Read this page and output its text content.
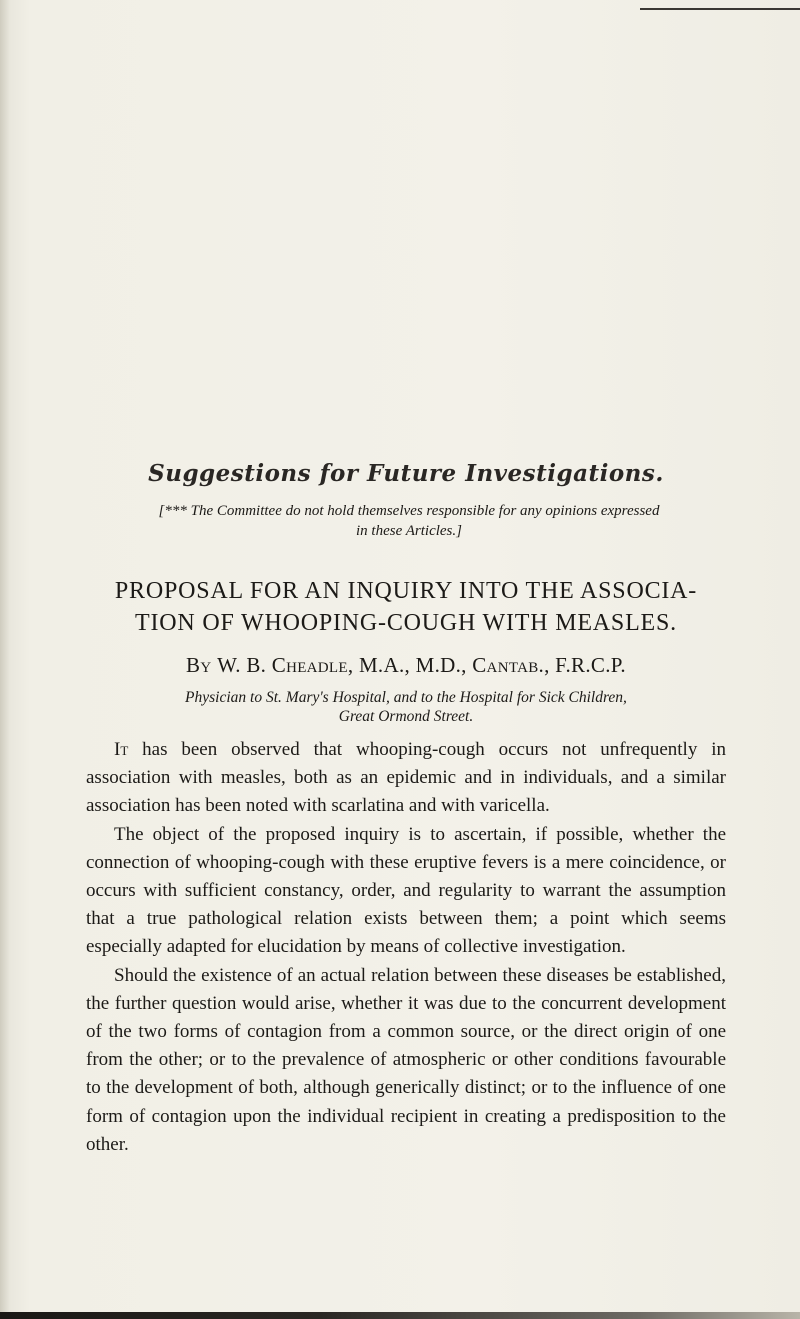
Suggestions for Future Investigations.
[*** The Committee do not hold themselves responsible for any opinions expressed
in these Articles.]
PROPOSAL FOR AN INQUIRY INTO THE ASSOCIA-
TION OF WHOOPING-COUGH WITH MEASLES.
By W. B. Cheadle, M.A., M.D., Cantab., F.R.C.P.
Physician to St. Mary's Hospital, and to the Hospital for Sick Children,
Great Ormond Street.

It has been observed that whooping-cough occurs not unfrequently in association with measles, both as an epidemic and in individuals, and a similar association has been noted with scarlatina and with varicella.

The object of the proposed inquiry is to ascertain, if possible, whether the connection of whooping-cough with these eruptive fevers is a mere coincidence, or occurs with sufficient constancy, order, and regularity to warrant the assumption that a true pathological relation exists between them; a point which seems especially adapted for elucidation by means of collective investigation.

Should the existence of an actual relation between these diseases be established, the further question would arise, whether it was due to the concurrent development of the two forms of contagion from a common source, or the direct origin of one from the other; or to the prevalence of atmospheric or other conditions favourable to the development of both, although generically distinct; or to the influence of one form of contagion upon the individual recipient in creating a predisposition to the other.
